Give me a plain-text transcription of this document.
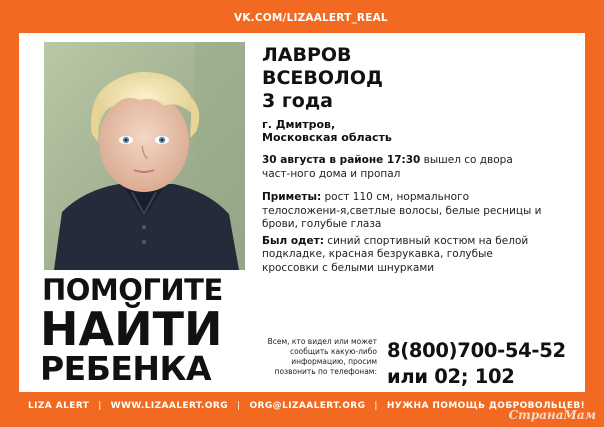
VK.COM/LIZAALERT_REAL
ПОМОГИТЕ
НАЙТИ
РЕБЕНКА
ЛАВРОВ
ВСЕВОЛОД
3 года
г. Дмитров,
Московская область
30 августа в районе 17:30 вышел со двора част-ного дома и пропал
Приметы: рост 110 см, нормального телосложени-я,светлые волосы, белые ресницы и брови, голубые глаза
Был одет: синий спортивный костюм на белой подкладке, красная безрукавка, голубые кроссовки с белыми шнурками
Всем, кто видел или может сообщить какую-либо информацию, просим позвонить по телефонам:
8(800)700-54-52
или 02; 102
LIZA ALERT | WWW.LIZAALERT.ORG | ORG@LIZAALERT.ORG | НУЖНА ПОМОЩЬ ДОБРОВОЛЬЦЕВ!
СтранаМам
